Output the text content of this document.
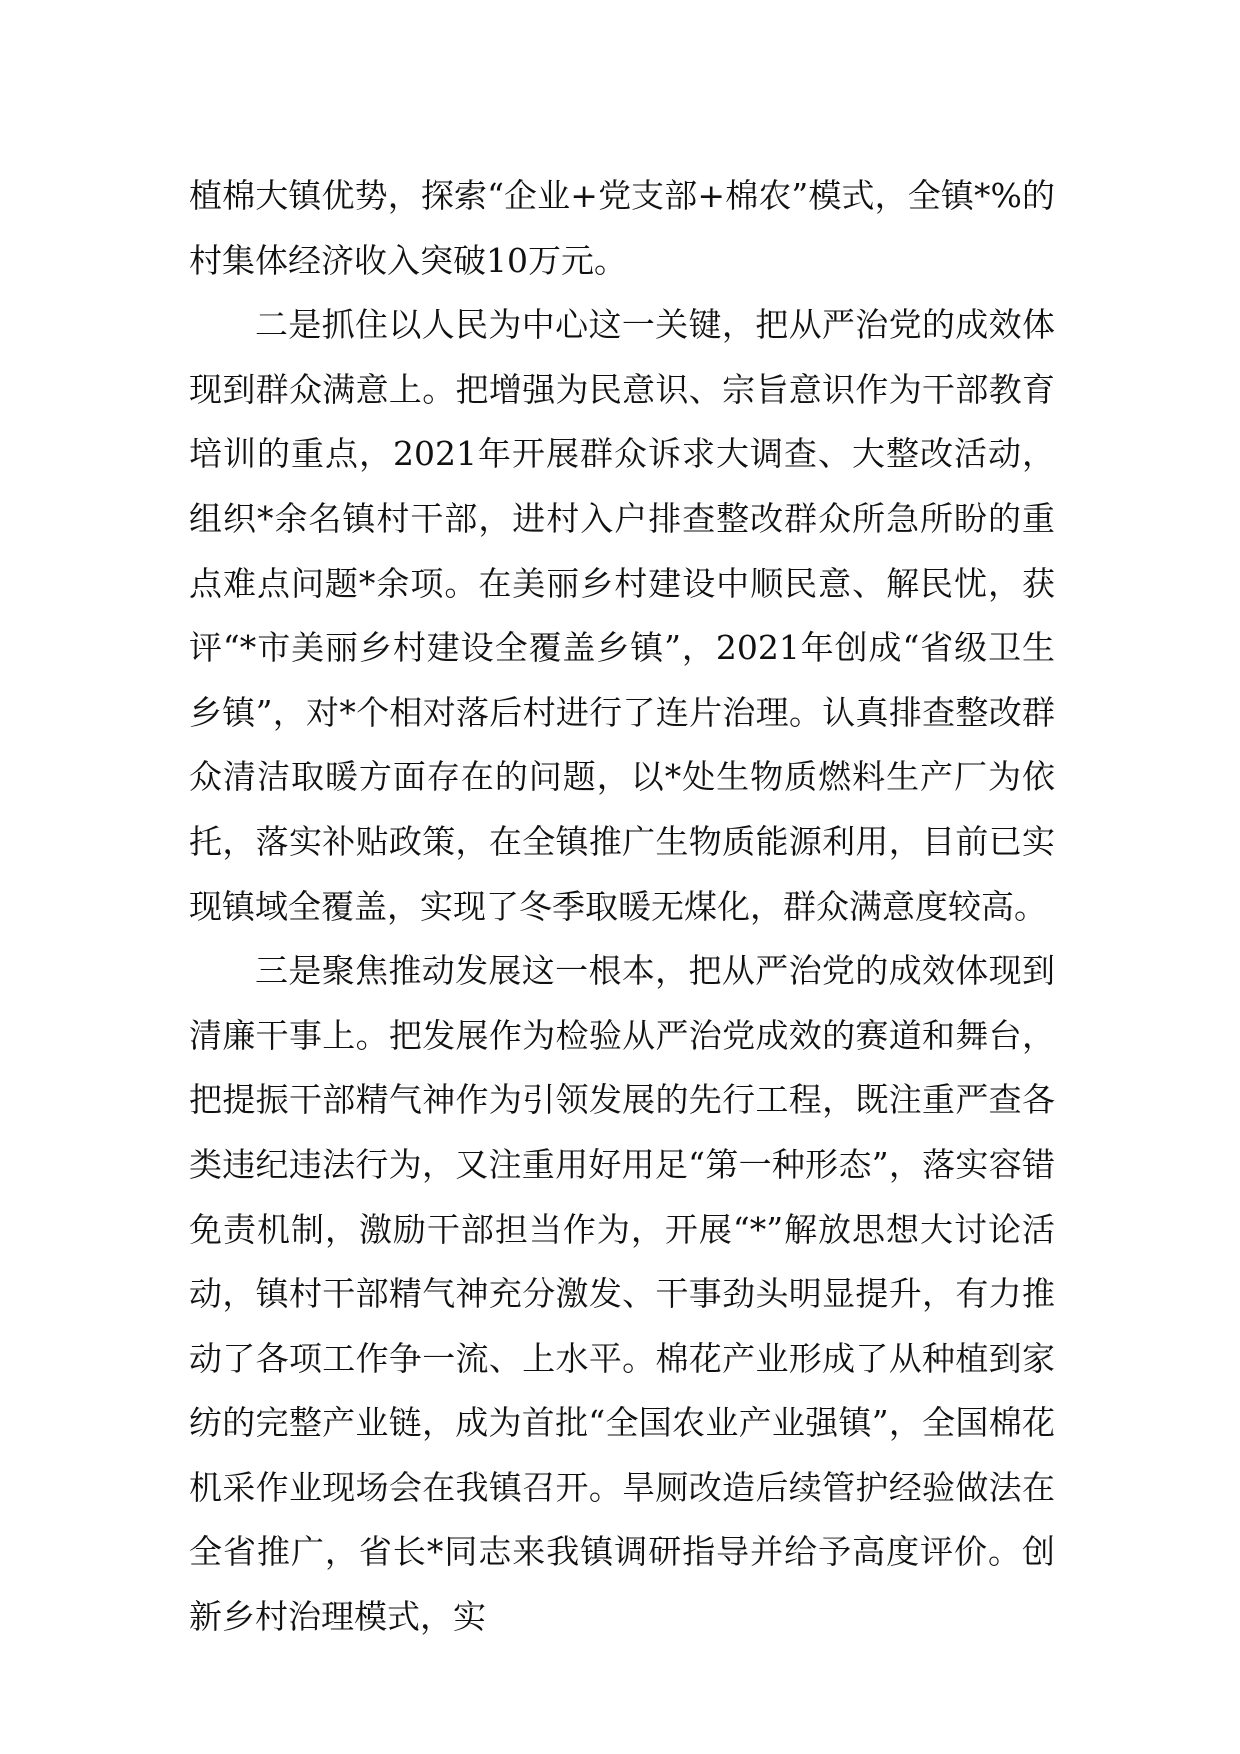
植棉大镇优势，探索“企业+党支部+棉农”模式，全镇*%的村集体经济收入突破10万元。

二是抓住以人民为中心这一关键，把从严治党的成效体现到群众满意上。把增强为民意识、宗旨意识作为干部教育培训的重点，2021年开展群众诉求大调查、大整改活动，组织*余名镇村干部，进村入户排查整改群众所急所盼的重点难点问题*余项。在美丽乡村建设中顺民意、解民忧，获评“*市美丽乡村建设全覆盖乡镇”，2021年创成“省级卫生乡镇”，对*个相对落后村进行了连片治理。认真排查整改群众清洁取暖方面存在的问题，以*处生物质燃料生产厂为依托，落实补贴政策，在全镇推广生物质能源利用，目前已实现镇域全覆盖，实现了冬季取暖无煤化，群众满意度较高。

三是聚焦推动发展这一根本，把从严治党的成效体现到清廉干事上。把发展作为检验从严治党成效的赛道和舞台，把提振干部精气神作为引领发展的先行工程，既注重严查各类违纪违法行为，又注重用好用足“第一种形态”，落实容错免责机制，激励干部担当作为，开展“*”解放思想大讨论活动，镇村干部精气神充分激发、干事劲头明显提升，有力推动了各项工作争一流、上水平。棉花产业形成了从种植到家纺的完整产业链，成为首批“全国农业产业强镇”，全国棉花机采作业现场会在我镇召开。旱厕改造后续管护经验做法在全省推广，省长*同志来我镇调研指导并给予高度评价。创新乡村治理模式，实
